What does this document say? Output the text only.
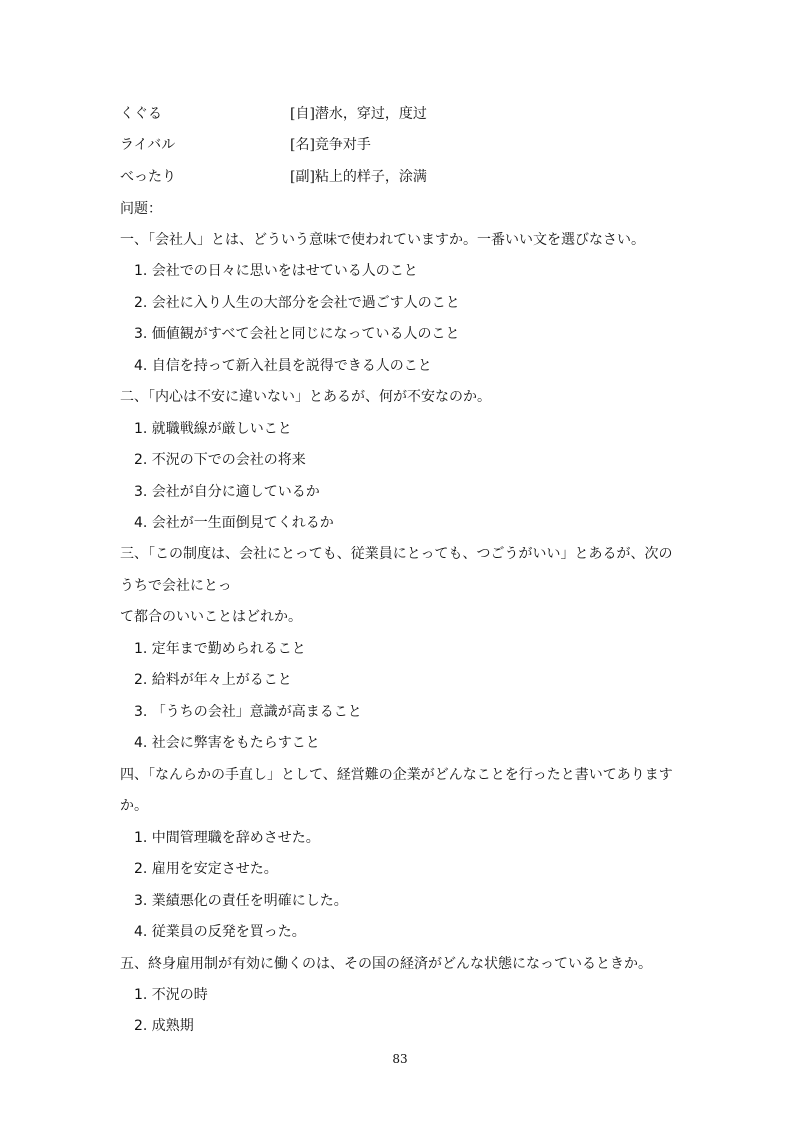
くぐる	[自]潜水，穿过，度过
ライバル	[名]竞争对手
べったり	[副]粘上的样子，涂满
问题：
一、「会社人」とは、どういう意味で使われていますか。一番いい文を選びなさい。
1. 会社での日々に思いをはせている人のこと
2. 会社に入り人生の大部分を会社で過ごす人のこと
3. 価値観がすべて会社と同じになっている人のこと
4. 自信を持って新入社員を説得できる人のこと
二、「内心は不安に違いない」とあるが、何が不安なのか。
1. 就職戦線が厳しいこと
2. 不況の下での会社の将来
3. 会社が自分に適しているか
4. 会社が一生面倒見てくれるか
三、「この制度は、会社にとっても、従業員にとっても、つごうがいい」とあるが、次の
うちで会社にとっ
て都合のいいことはどれか。
1. 定年まで勤められること
2. 給料が年々上がること
3. 「うちの会社」意識が高まること
4. 社会に弊害をもたらすこと
四、「なんらかの手直し」として、経営難の企業がどんなことを行ったと書いてあります
か。
1. 中間管理職を辞めさせた。
2. 雇用を安定させた。
3. 業績悪化の責任を明確にした。
4. 従業員の反発を買った。
五、終身雇用制が有効に働くのは、その国の経済がどんな状態になっているときか。
1. 不況の時
2. 成熟期
83
